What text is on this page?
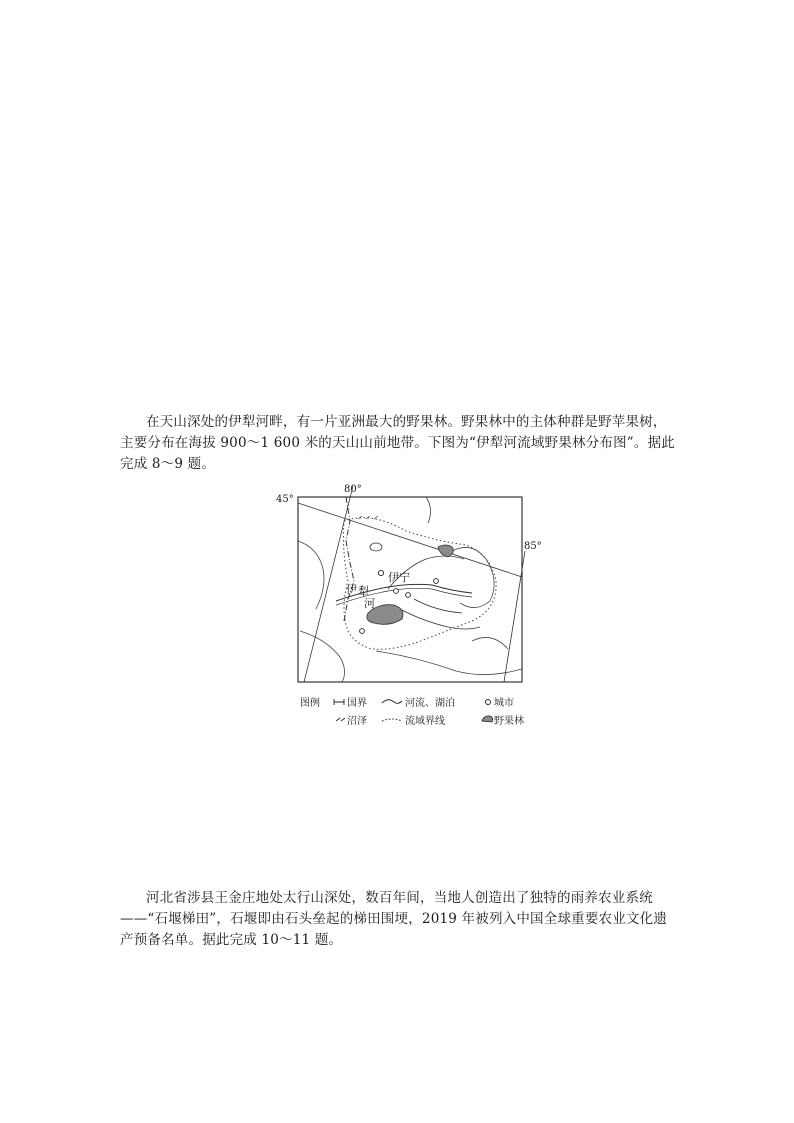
在天山深处的伊犁河畔，有一片亚洲最大的野果林。野果林中的主体种群是野苹果树，
主要分布在海拔 900～1 600 米的天山山前地带。下图为“伊犁河流域野果林分布图”。据此
完成 8～9 题。
45°
80°
85°
伊宁
伊 犁
河
图例	国界	河流、湖泊	城市
沼泽	流域界线	野果林
河北省涉县王金庄地处太行山深处，数百年间，当地人创造出了独特的雨养农业系统
——“石堰梯田”，石堰即由石头垒起的梯田围埂，2019 年被列入中国全球重要农业文化遗
产预备名单。据此完成 10～11 题。
